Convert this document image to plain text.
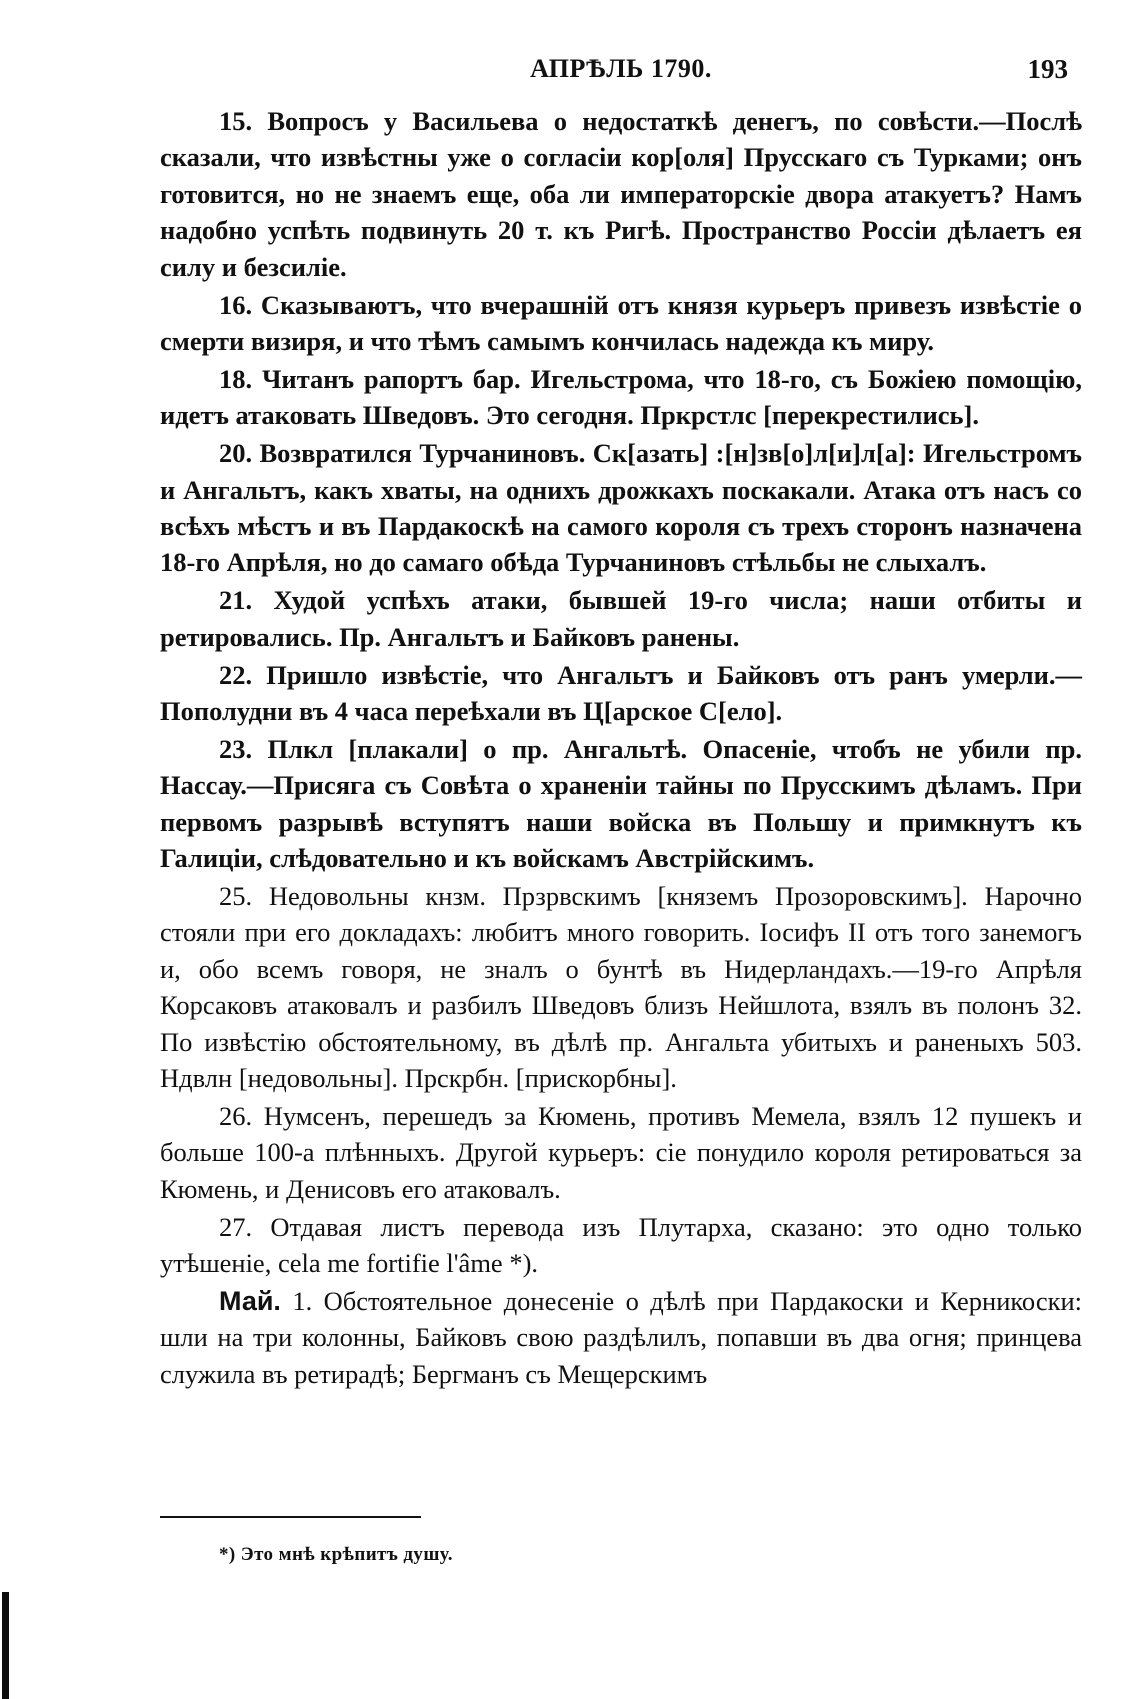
АПРѢЛЬ 1790.	193

15. Вопросъ у Васильева о недостаткѣ денегъ, по совѣсти.—Послѣ сказали, что извѣстны уже о согласіи кор[оля] Прусскаго съ Турками; онъ готовится, но не знаемъ еще, оба ли императорскіе двора атакуетъ? Намъ надобно успѣть подвинуть 20 т. къ Ригѣ. Пространство Россіи дѣлаетъ ея силу и безсиліе.

16. Сказываютъ, что вчерашній отъ князя курьеръ привезъ извѣстіе о смерти визиря, и что тѣмъ самымъ кончилась надежда къ миру.

18. Читанъ рапортъ бар. Игельстрома, что 18-го, съ Божіею помощію, идетъ атаковать Шведовъ. Это сегодня. Пркрстлс [перекрестились].

20. Возвратился Турчаниновъ. Ск[азать] :[н]зв[о]л[и]л[а]: Игельстромъ и Ангальтъ, какъ хваты, на однихъ дрожкахъ поскакали. Атака отъ насъ со всѣхъ мѣстъ и въ Пардакоскѣ на самого короля съ трехъ сторонъ назначена 18-го Апрѣля, но до самаго обѣда Турчаниновъ стѣльбы не слыхалъ.

21. Худой успѣхъ атаки, бывшей 19-го числа; наши отбиты и ретировались. Пр. Ангальтъ и Байковъ ранены.

22. Пришло извѣстіе, что Ангальтъ и Байковъ отъ ранъ умерли.—Пополудни въ 4 часа переѣхали въ Ц[арское С[ело].

23. Плкл [плакали] о пр. Ангальтѣ. Опасеніе, чтобъ не убили пр. Нассау.—Присяга съ Совѣта о храненіи тайны по Прусскимъ дѣламъ. При первомъ разрывѣ вступятъ наши войска въ Польшу и примкнутъ къ Галиціи, слѣдовательно и къ войскамъ Австрійскимъ.

25. Недовольны кнзм. Прзрвскимъ [княземъ Прозоровскимъ]. Нарочно стояли при его докладахъ: любитъ много говорить. Іосифъ II отъ того занемогъ и, обо всемъ говоря, не зналъ о бунтѣ въ Нидерландахъ.—19-го Апрѣля Корсаковъ атаковалъ и разбилъ Шведовъ близъ Нейшлота, взялъ въ полонъ 32. По извѣстію обстоятельному, въ дѣлѣ пр. Ангальта убитыхъ и раненыхъ 503. Ндвлн [недовольны]. Прскрбн. [прискорбны].

26. Нумсенъ, перешедъ за Кюмень, противъ Мемела, взялъ 12 пушекъ и больше 100-а плѣнныхъ. Другой курьеръ: сіе понудило короля ретироваться за Кюмень, и Денисовъ его атаковалъ.

27. Отдавая листъ перевода изъ Плутарха, сказано: это одно только утѣшеніе, cela me fortifie l'âme *).

Май. 1. Обстоятельное донесеніе о дѣлѣ при Пардакоски и Керникоски: шли на три колонны, Байковъ свою раздѣлилъ, попавши въ два огня; принцева служила въ ретирадѣ; Бергманъ съ Мещерскимъ

*) Это мнѣ крѣпитъ душу.
